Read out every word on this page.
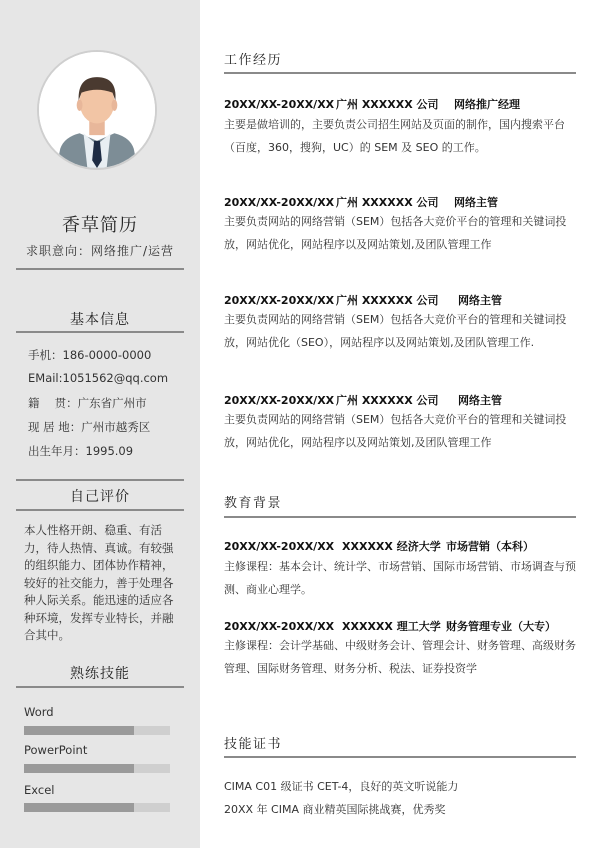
香草简历
求职意向：网络推广/运营
基本信息
手机：186-0000-0000
EMail:1051562@qq.com
籍　 贯：广东省广州市
现 居 地：广州市越秀区
出生年月：1995.09
自己评价
本人性格开朗、稳重、有活力，待人热情、真诚。有较强的组织能力、团体协作精神，较好的社交能力，善于处理各种人际关系。能迅速的适应各种环境，发挥专业特长，并融合其中。
熟练技能
Word
PowerPoint
Excel
工作经历
20XX/XX-20XX/XX 广州 XXXXXX 公司 网络推广经理
主要是做培训的，主要负责公司招生网站及页面的制作，国内搜索平台（百度，360，搜狗，UC）的 SEM 及 SEO 的工作。
20XX/XX-20XX/XX 广州 XXXXXX 公司 网络主管
主要负责网站的网络营销（SEM）包括各大竞价平台的管理和关键词投放，网站优化，网站程序以及网站策划,及团队管理工作
20XX/XX-20XX/XX 广州 XXXXXX 公司 网络主管
主要负责网站的网络营销（SEM）包括各大竞价平台的管理和关键词投放，网站优化（SEO），网站程序以及网站策划,及团队管理工作.
20XX/XX-20XX/XX 广州 XXXXXX 公司 网络主管
主要负责网站的网络营销（SEM）包括各大竞价平台的管理和关键词投放，网站优化，网站程序以及网站策划,及团队管理工作
教育背景
20XX/XX-20XX/XX XXXXXX 经济大学 市场营销（本科）
主修课程：基本会计、统计学、市场营销、国际市场营销、市场调查与预测、商业心理学。
20XX/XX-20XX/XX XXXXXX 理工大学 财务管理专业（大专）
主修课程：会计学基础、中级财务会计、管理会计、财务管理、高级财务管理、国际财务管理、财务分析、税法、证券投资学
技能证书
CIMA C01 级证书 CET-4，良好的英文听说能力
20XX 年 CIMA 商业精英国际挑战赛，优秀奖
